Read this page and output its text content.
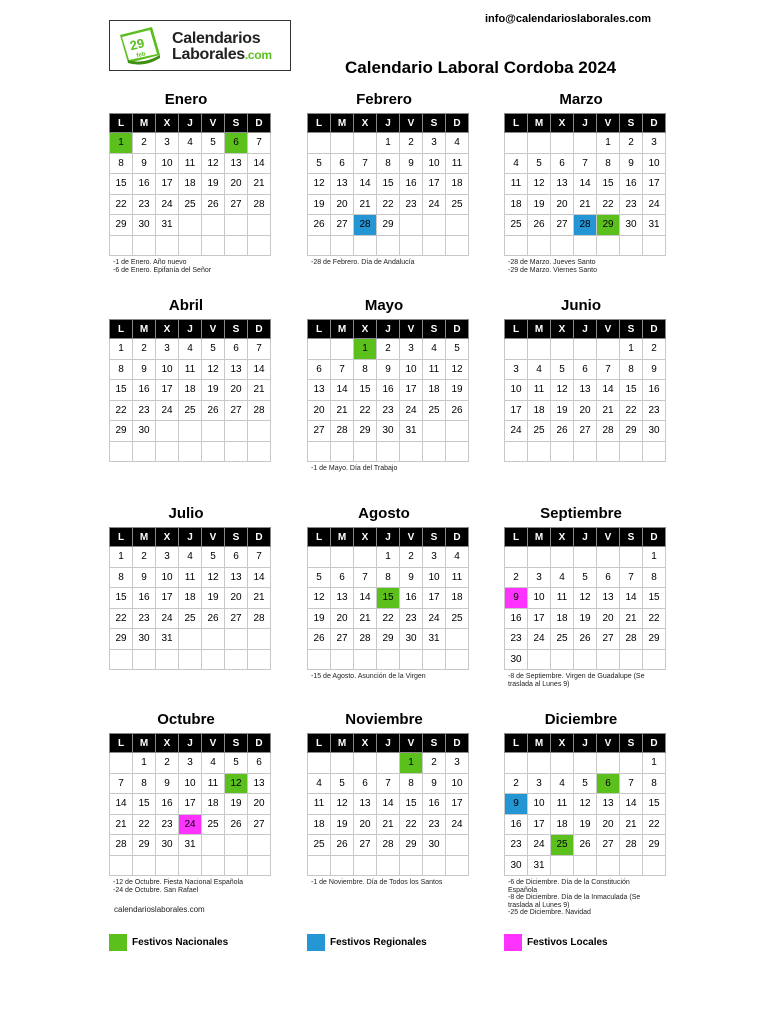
info@calendarioslaborales.com
29
feb
Calendarios
Laborales.com
Calendario Laboral Cordoba 2024
Enero
L	M	X	J	V	S	D
1	2	3	4	5	6	7
8	9	10	11	12	13	14
15	16	17	18	19	20	21
22	23	24	25	26	27	28
29	30	31				

-1 de Enero. Año nuevo
-6 de Enero. Epifanía del Señor
Febrero
L	M	X	J	V	S	D
			1	2	3	4
5	6	7	8	9	10	11
12	13	14	15	16	17	18
19	20	21	22	23	24	25
26	27	28	29			

-28 de Febrero. Día de Andalucía
Marzo
L	M	X	J	V	S	D
				1	2	3
4	5	6	7	8	9	10
11	12	13	14	15	16	17
18	19	20	21	22	23	24
25	26	27	28	29	30	31

-28 de Marzo. Jueves Santo
-29 de Marzo. Viernes Santo
Abril
L	M	X	J	V	S	D
1	2	3	4	5	6	7
8	9	10	11	12	13	14
15	16	17	18	19	20	21
22	23	24	25	26	27	28
29	30					

Mayo
L	M	X	J	V	S	D
		1	2	3	4	5
6	7	8	9	10	11	12
13	14	15	16	17	18	19
20	21	22	23	24	25	26
27	28	29	30	31		

-1 de Mayo. Día del Trabajo
Junio
L	M	X	J	V	S	D
					1	2
3	4	5	6	7	8	9
10	11	12	13	14	15	16
17	18	19	20	21	22	23
24	25	26	27	28	29	30

Julio
L	M	X	J	V	S	D
1	2	3	4	5	6	7
8	9	10	11	12	13	14
15	16	17	18	19	20	21
22	23	24	25	26	27	28
29	30	31				

Agosto
L	M	X	J	V	S	D
			1	2	3	4
5	6	7	8	9	10	11
12	13	14	15	16	17	18
19	20	21	22	23	24	25
26	27	28	29	30	31	

-15 de Agosto. Asunción de la Virgen
Septiembre
L	M	X	J	V	S	D
						1
2	3	4	5	6	7	8
9	10	11	12	13	14	15
16	17	18	19	20	21	22
23	24	25	26	27	28	29
30						
-8 de Septiembre. Virgen de Guadalupe (Se traslada al Lunes 9)
Octubre
L	M	X	J	V	S	D
	1	2	3	4	5	6
7	8	9	10	11	12	13
14	15	16	17	18	19	20
21	22	23	24	25	26	27
28	29	30	31			

-12 de Octubre. Fiesta Nacional Española
-24 de Octubre. San Rafael
Noviembre
L	M	X	J	V	S	D
				1	2	3
4	5	6	7	8	9	10
11	12	13	14	15	16	17
18	19	20	21	22	23	24
25	26	27	28	29	30	

-1 de Noviembre. Día de Todos los Santos
Diciembre
L	M	X	J	V	S	D
						1
2	3	4	5	6	7	8
9	10	11	12	13	14	15
16	17	18	19	20	21	22
23	24	25	26	27	28	29
30	31					
-6 de Diciembre. Día de la Constitución Española
-8 de Diciembre. Día de la Inmaculada (Se traslada al Lunes 9)
-25 de Diciembre. Navidad
calendarioslaborales.com
Festivos Nacionales	Festivos Regionales	Festivos Locales
